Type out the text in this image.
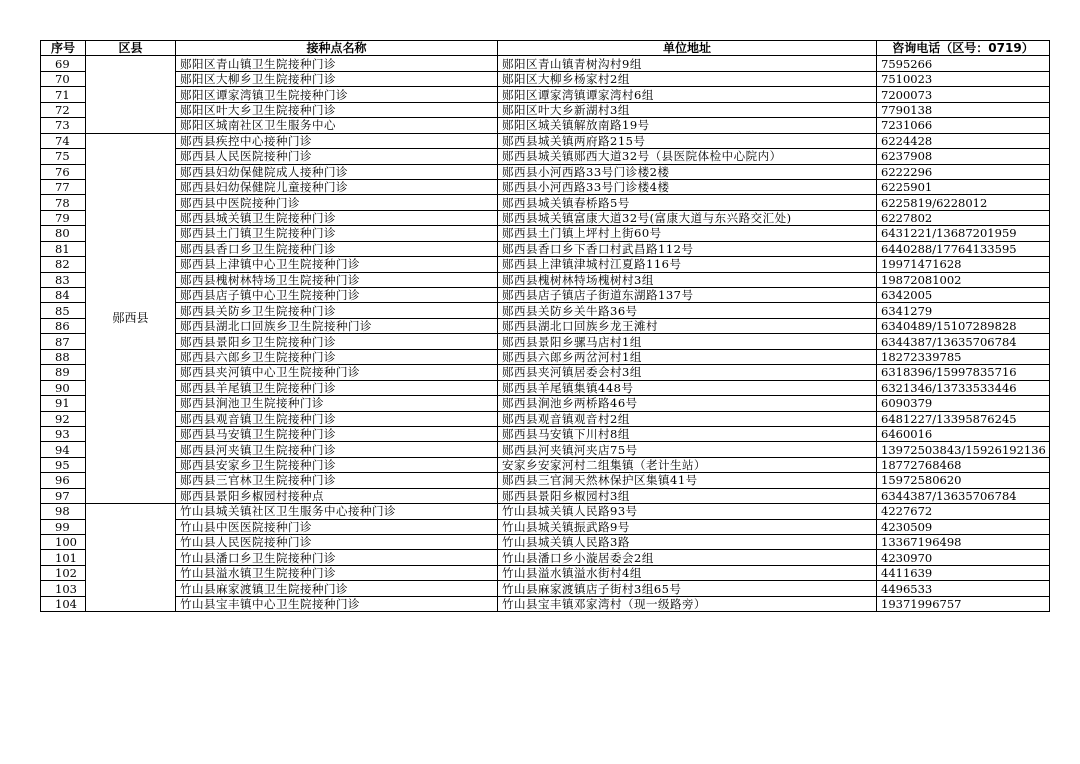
序号	区县	接种点名称	单位地址	咨询电话（区号：0719）
69		郧阳区青山镇卫生院接种门诊	郧阳区青山镇青树沟村9组	7595266
70		郧阳区大柳乡卫生院接种门诊	郧阳区大柳乡杨家村2组	7510023
71		郧阳区谭家湾镇卫生院接种门诊	郧阳区谭家湾镇谭家湾村6组	7200073
72		郧阳区叶大乡卫生院接种门诊	郧阳区叶大乡新湖村3组	7790138
73		郧阳区城南社区卫生服务中心	郧阳区城关镇解放南路19号	7231066
74	郧西县	郧西县疾控中心接种门诊	郧西县城关镇两府路215号	6224428
75		郧西县人民医院接种门诊	郧西县城关镇郧西大道32号（县医院体检中心院内）	6237908
76		郧西县妇幼保健院成人接种门诊	郧西县小河西路33号门诊楼2楼	6222296
77		郧西县妇幼保健院儿童接种门诊	郧西县小河西路33号门诊楼4楼	6225901
78		郧西县中医院接种门诊	郧西县城关镇春桥路5号	6225819/6228012
79		郧西县城关镇卫生院接种门诊	郧西县城关镇富康大道32号(富康大道与东兴路交汇处)	6227802
80		郧西县土门镇卫生院接种门诊	郧西县土门镇上坪村上街60号	6431221/13687201959
81		郧西县香口乡卫生院接种门诊	郧西县香口乡下香口村武昌路112号	6440288/17764133595
82		郧西县上津镇中心卫生院接种门诊	郧西县上津镇津城村江夏路116号	19971471628
83		郧西县槐树林特场卫生院接种门诊	郧西县槐树林特场槐树村3组	19872081002
84		郧西县店子镇中心卫生院接种门诊	郧西县店子镇店子街道东湖路137号	6342005
85		郧西县关防乡卫生院接种门诊	郧西县关防乡关牛路36号	6341279
86		郧西县湖北口回族乡卫生院接种门诊	郧西县湖北口回族乡龙王滩村	6340489/15107289828
87		郧西县景阳乡卫生院接种门诊	郧西县景阳乡骡马店村1组	6344387/13635706784
88		郧西县六郎乡卫生院接种门诊	郧西县六郎乡两岔河村1组	18272339785
89		郧西县夹河镇中心卫生院接种门诊	郧西县夹河镇居委会村3组	6318396/15997835716
90		郧西县羊尾镇卫生院接种门诊	郧西县羊尾镇集镇448号	6321346/13733533446
91		郧西县涧池卫生院接种门诊	郧西县涧池乡两桥路46号	6090379
92		郧西县观音镇卫生院接种门诊	郧西县观音镇观音村2组	6481227/13395876245
93		郧西县马安镇卫生院接种门诊	郧西县马安镇下川村8组	6460016
94		郧西县河夹镇卫生院接种门诊	郧西县河夹镇河夹店75号	13972503843/15926192136
95		郧西县安家乡卫生院接种门诊	安家乡安家河村二组集镇（老计生站）	18772768468
96		郧西县三官林卫生院接种门诊	郧西县三官洞天然林保护区集镇41号	15972580620
97		郧西县景阳乡椒园村接种点	郧西县景阳乡椒园村3组	6344387/13635706784
98		竹山县城关镇社区卫生服务中心接种门诊	竹山县城关镇人民路93号	4227672
99		竹山县中医医院接种门诊	竹山县城关镇振武路9号	4230509
100		竹山县人民医院接种门诊	竹山县城关镇人民路3路	13367196498
101		竹山县潘口乡卫生院接种门诊	竹山县潘口乡小漩居委会2组	4230970
102		竹山县溢水镇卫生院接种门诊	竹山县溢水镇溢水街村4组	4411639
103		竹山县麻家渡镇卫生院接种门诊	竹山县麻家渡镇店子街村3组65号	4496533
104		竹山县宝丰镇中心卫生院接种门诊	竹山县宝丰镇邓家湾村（现一级路旁）	19371996757
